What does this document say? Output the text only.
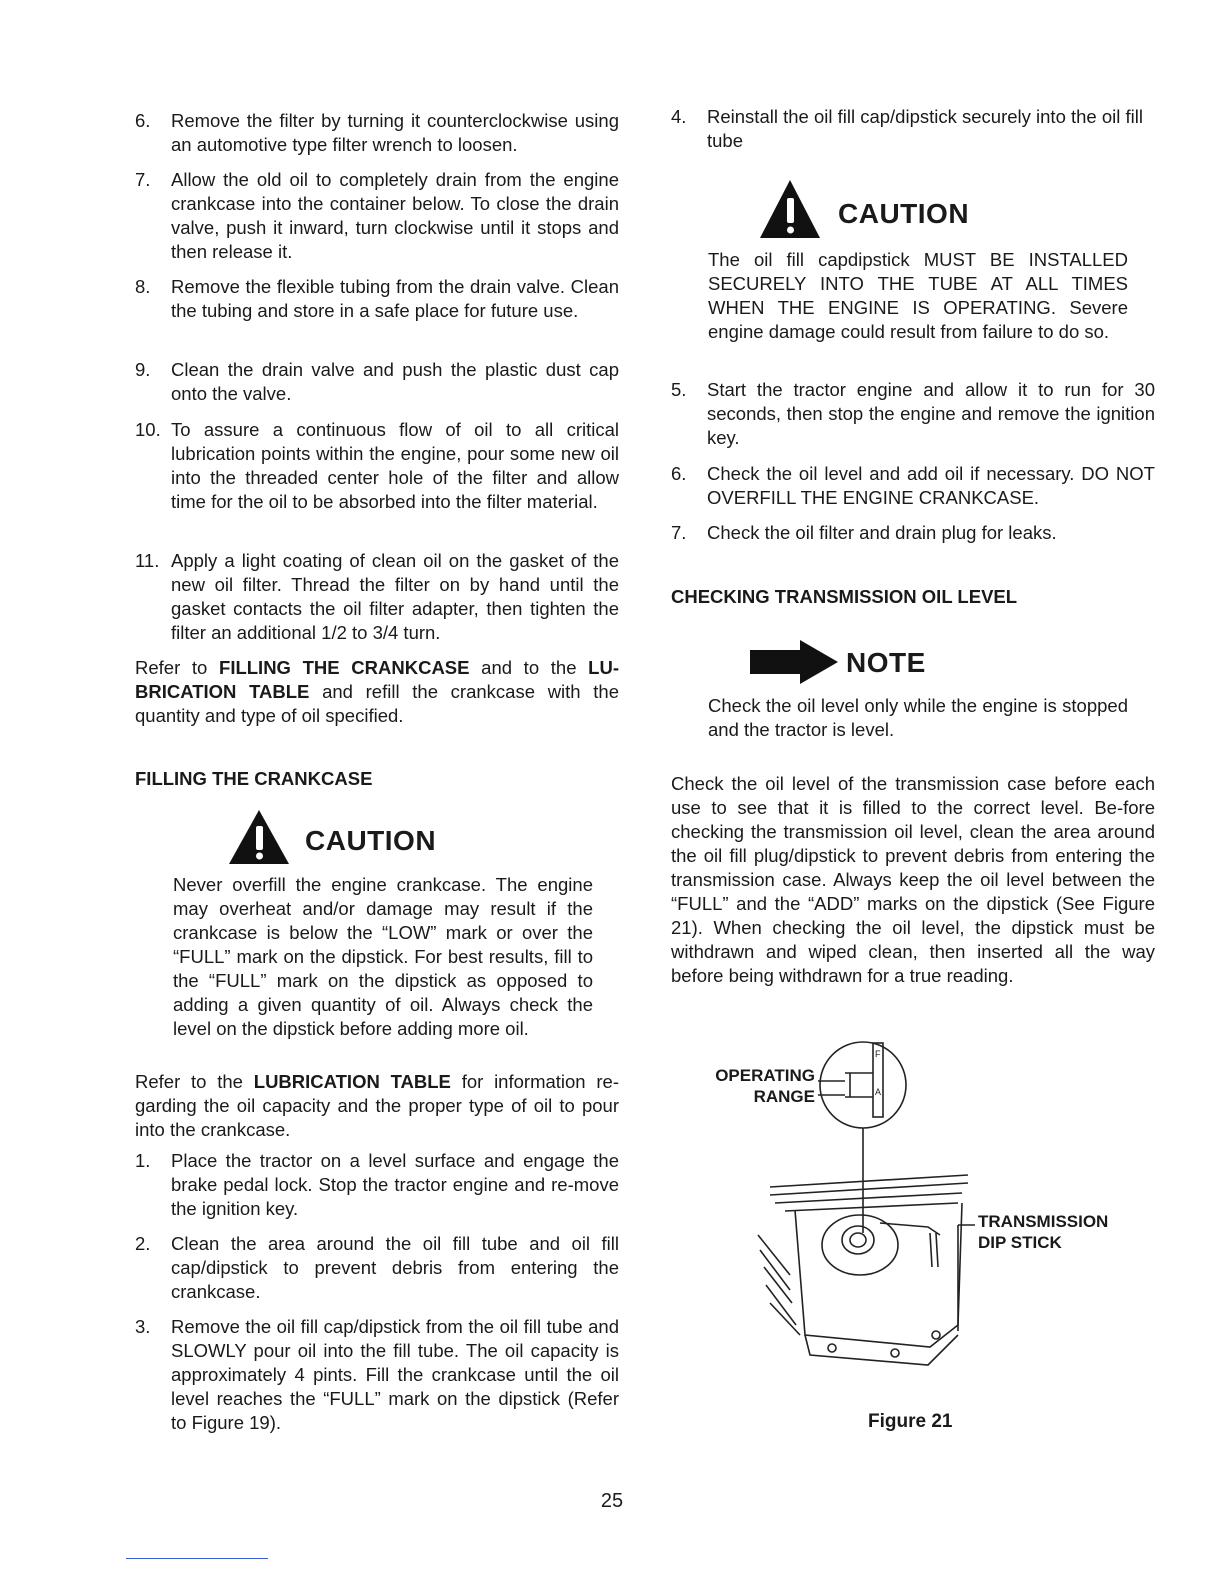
6. Remove the filter by turning it counterclockwise using an automotive type filter wrench to loosen.
7. Allow the old oil to completely drain from the engine crankcase into the container below. To close the drain valve, push it inward, turn clockwise until it stops and then release it.
8. Remove the flexible tubing from the drain valve. Clean the tubing and store in a safe place for future use.
9. Clean the drain valve and push the plastic dust cap onto the valve.
10. To assure a continuous flow of oil to all critical lubrication points within the engine, pour some new oil into the threaded center hole of the filter and allow time for the oil to be absorbed into the filter material.
11. Apply a light coating of clean oil on the gasket of the new oil filter. Thread the filter on by hand until the gasket contacts the oil filter adapter, then tighten the filter an additional 1/2 to 3/4 turn.

Refer to FILLING THE CRANKCASE and to the LU-BRICATION TABLE and refill the crankcase with the quantity and type of oil specified.

FILLING THE CRANKCASE
CAUTION
Never overfill the engine crankcase. The engine may overheat and/or damage may result if the crankcase is below the “LOW” mark or over the “FULL” mark on the dipstick. For best results, fill to the “FULL” mark on the dipstick as opposed to adding a given quantity of oil. Always check the level on the dipstick before adding more oil.

Refer to the LUBRICATION TABLE for information re-garding the oil capacity and the proper type of oil to pour into the crankcase.

1. Place the tractor on a level surface and engage the brake pedal lock. Stop the tractor engine and re-move the ignition key.
2. Clean the area around the oil fill tube and oil fill cap/dipstick to prevent debris from entering the crankcase.
3. Remove the oil fill cap/dipstick from the oil fill tube and SLOWLY pour oil into the fill tube. The oil capacity is approximately 4 pints. Fill the crankcase until the oil level reaches the “FULL” mark on the dipstick (Refer to Figure 19).
4. Reinstall the oil fill cap/dipstick securely into the oil fill tube
CAUTION
The oil fill capdipstick MUST BE INSTALLED SECURELY INTO THE TUBE AT ALL TIMES WHEN THE ENGINE IS OPERATING. Severe engine damage could result from failure to do so.
5. Start the tractor engine and allow it to run for 30 seconds, then stop the engine and remove the ignition key.
6. Check the oil level and add oil if necessary. DO NOT OVERFILL THE ENGINE CRANKCASE.
7. Check the oil filter and drain plug for leaks.
CHECKING TRANSMISSION OIL LEVEL
NOTE
Check the oil level only while the engine is stopped and the tractor is level.

Check the oil level of the transmission case before each use to see that it is filled to the correct level. Be-fore checking the transmission oil level, clean the area around the oil fill plug/dipstick to prevent debris from entering the transmission case. Always keep the oil level between the “FULL” and the “ADD” marks on the dipstick (See Figure 21). When checking the oil level, the dipstick must be withdrawn and wiped clean, then inserted all the way before being withdrawn for a true reading.

OPERATING
RANGE
F
A
TRANSMISSION
DIP STICK
Figure 21
25
